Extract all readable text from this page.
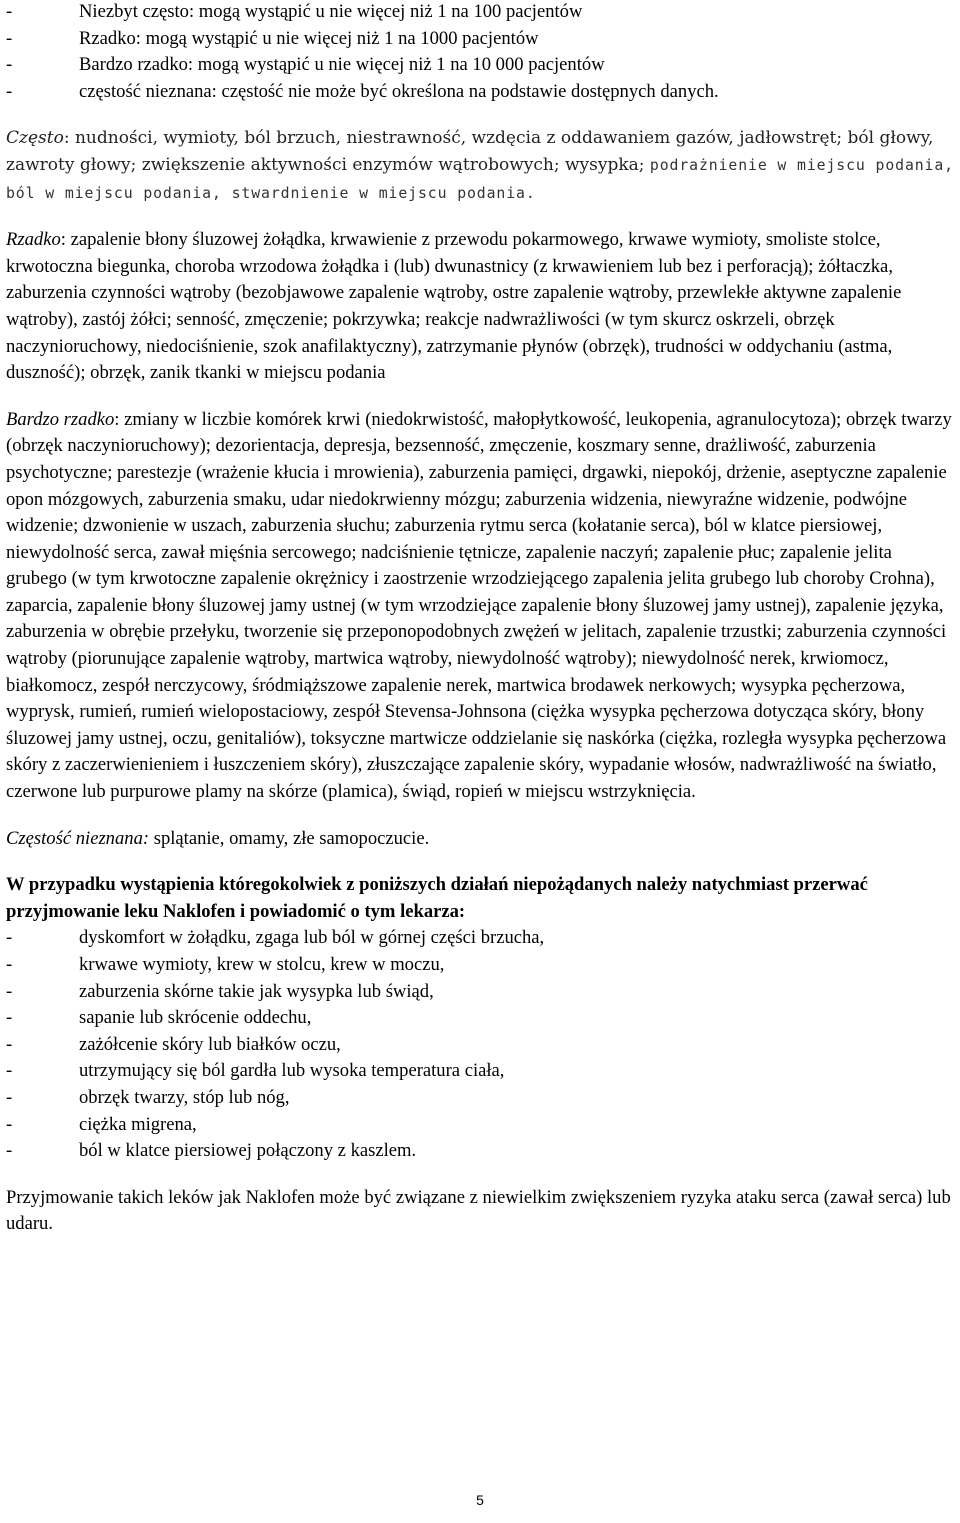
-	Niezbyt często: mogą wystąpić u nie więcej niż 1 na 100 pacjentów
-	Rzadko: mogą wystąpić u nie więcej niż 1 na 1000 pacjentów
-	Bardzo rzadko: mogą wystąpić u nie więcej niż 1 na 10 000 pacjentów
-	częstość nieznana: częstość nie może być określona na podstawie dostępnych danych.

Często: nudności, wymioty, ból brzuch, niestrawność, wzdęcia z oddawaniem gazów, jadłowstręt; ból głowy, zawroty głowy; zwiększenie aktywności enzymów wątrobowych; wysypka; podrażnienie w miejscu podania, ból w miejscu podania, stwardnienie w miejscu podania.

Rzadko: zapalenie błony śluzowej żołądka, krwawienie z przewodu pokarmowego, krwawe wymioty, smoliste stolce, krwotoczna biegunka, choroba wrzodowa żołądka i (lub) dwunastnicy (z krwawieniem lub bez i perforacją); żółtaczka, zaburzenia czynności wątroby (bezobjawowe zapalenie wątroby, ostre zapalenie wątroby, przewlekłe aktywne zapalenie wątroby), zastój żółci; senność, zmęczenie; pokrzywka; reakcje nadwrażliwości (w tym skurcz oskrzeli, obrzęk naczynioruchowy, niedociśnienie, szok anafilaktyczny), zatrzymanie płynów (obrzęk), trudności w oddychaniu (astma, duszność); obrzęk, zanik tkanki w miejscu podania

Bardzo rzadko: zmiany w liczbie komórek krwi (niedokrwistość, małopłytkowość, leukopenia, agranulocytoza); obrzęk twarzy (obrzęk naczynioruchowy); dezorientacja, depresja, bezsenność, zmęczenie, koszmary senne, drażliwość, zaburzenia psychotyczne; parestezje (wrażenie kłucia i mrowienia), zaburzenia pamięci, drgawki, niepokój, drżenie, aseptyczne zapalenie opon mózgowych, zaburzenia smaku, udar niedokrwienny mózgu; zaburzenia widzenia, niewyraźne widzenie, podwójne widzenie; dzwonienie w uszach, zaburzenia słuchu; zaburzenia rytmu serca (kołatanie serca), ból w klatce piersiowej, niewydolność serca, zawał mięśnia sercowego; nadciśnienie tętnicze, zapalenie naczyń; zapalenie płuc; zapalenie jelita grubego (w tym krwotoczne zapalenie okrężnicy i zaostrzenie wrzodziejącego zapalenia jelita grubego lub choroby Crohna), zaparcia, zapalenie błony śluzowej jamy ustnej (w tym wrzodziejące zapalenie błony śluzowej jamy ustnej), zapalenie języka, zaburzenia w obrębie przełyku, tworzenie się przeponopodobnych zwężeń w jelitach, zapalenie trzustki; zaburzenia czynności wątroby (piorunujące zapalenie wątroby, martwica wątroby, niewydolność wątroby); niewydolność nerek, krwiomocz, białkomocz, zespół nerczycowy, śródmiąższowe zapalenie nerek, martwica brodawek nerkowych; wysypka pęcherzowa, wyprysk, rumień, rumień wielopostaciowy, zespół Stevensa-Johnsona (ciężka wysypka pęcherzowa dotycząca skóry, błony śluzowej jamy ustnej, oczu, genitaliów), toksyczne martwicze oddzielanie się naskórka (ciężka, rozległa wysypka pęcherzowa skóry z zaczerwienieniem i łuszczeniem skóry), złuszczające zapalenie skóry, wypadanie włosów, nadwrażliwość na światło, czerwone lub purpurowe plamy na skórze (plamica), świąd, ropień w miejscu wstrzyknięcia.

Częstość nieznana: splątanie, omamy, złe samopoczucie.

W przypadku wystąpienia któregokolwiek z poniższych działań niepożądanych należy natychmiast przerwać przyjmowanie leku Naklofen i powiadomić o tym lekarza:

-	dyskomfort w żołądku, zgaga lub ból w górnej części brzucha,
-	krwawe wymioty, krew w stolcu, krew w moczu,
-	zaburzenia skórne takie jak wysypka lub świąd,
-	sapanie lub skrócenie oddechu,
-	zażółcenie skóry lub białków oczu,
-	utrzymujący się ból gardła lub wysoka temperatura ciała,
-	obrzęk twarzy, stóp lub nóg,
-	ciężka migrena,
-	ból w klatce piersiowej połączony z kaszlem.

Przyjmowanie takich leków jak Naklofen może być związane z niewielkim zwiększeniem ryzyka ataku serca (zawał serca) lub udaru.

5
